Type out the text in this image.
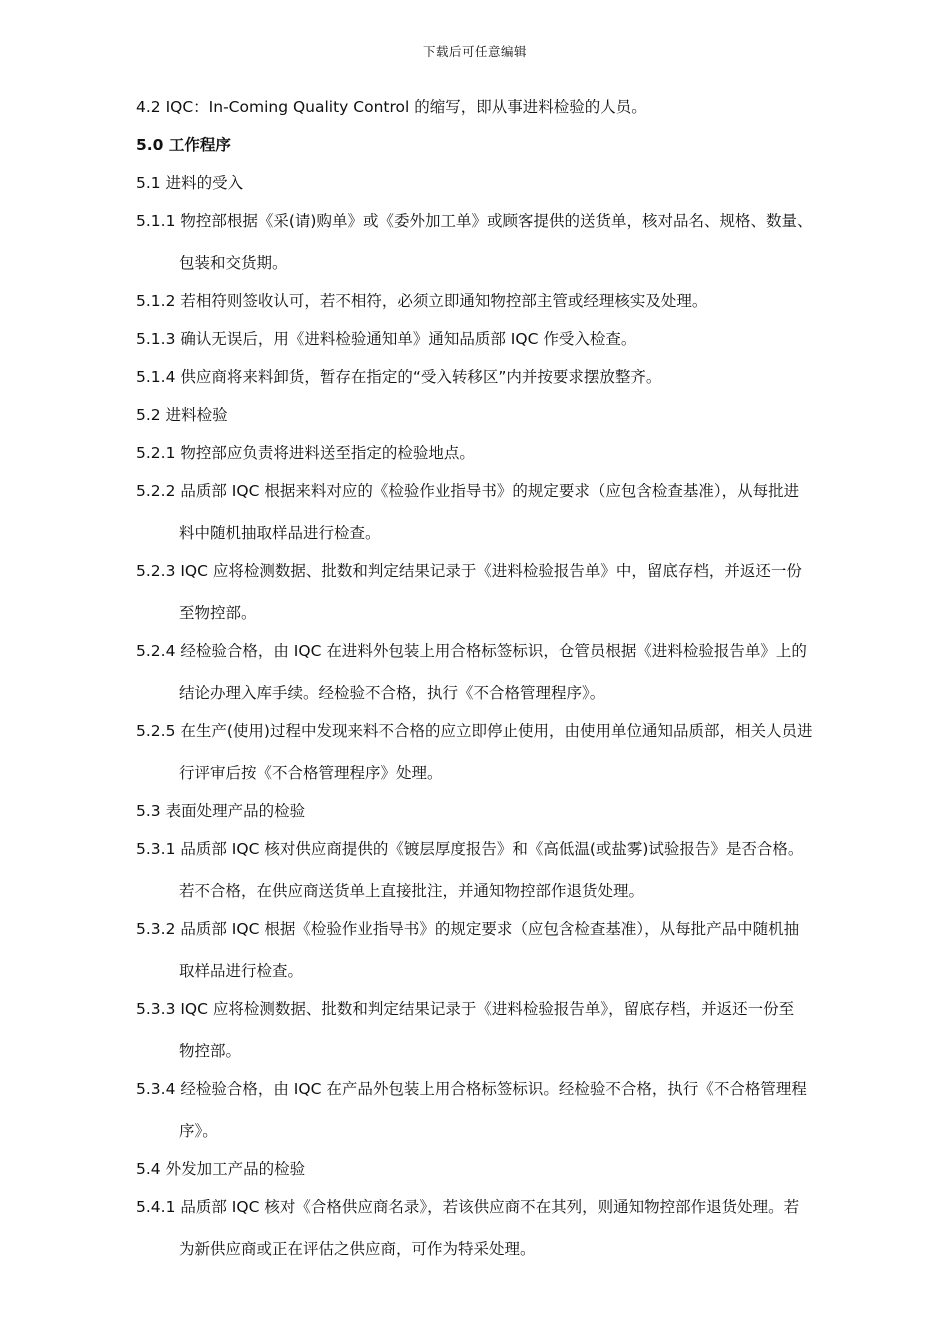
下载后可任意编辑
4.2 IQC：In-Coming Quality Control 的缩写，即从事进料检验的人员。
5.0 工作程序
5.1 进料的受入
5.1.1 物控部根据《采(请)购单》或《委外加工单》或顾客提供的送货单，核对品名、规格、数量、
包装和交货期。
5.1.2 若相符则签收认可，若不相符，必须立即通知物控部主管或经理核实及处理。
5.1.3 确认无误后，用《进料检验通知单》通知品质部 IQC 作受入检查。
5.1.4 供应商将来料卸货，暂存在指定的“受入转移区”内并按要求摆放整齐。
5.2 进料检验
5.2.1 物控部应负责将进料送至指定的检验地点。
5.2.2 品质部 IQC 根据来料对应的《检验作业指导书》的规定要求（应包含检查基准），从每批进
料中随机抽取样品进行检查。
5.2.3 IQC 应将检测数据、批数和判定结果记录于《进料检验报告单》中，留底存档，并返还一份
至物控部。
5.2.4 经检验合格，由 IQC 在进料外包装上用合格标签标识，仓管员根据《进料检验报告单》上的
结论办理入库手续。经检验不合格，执行《不合格管理程序》。
5.2.5 在生产(使用)过程中发现来料不合格的应立即停止使用，由使用单位通知品质部，相关人员进
行评审后按《不合格管理程序》处理。
5.3 表面处理产品的检验
5.3.1 品质部 IQC 核对供应商提供的《镀层厚度报告》和《高低温(或盐雾)试验报告》是否合格。
若不合格，在供应商送货单上直接批注，并通知物控部作退货处理。
5.3.2 品质部 IQC 根据《检验作业指导书》的规定要求（应包含检查基准），从每批产品中随机抽
取样品进行检查。
5.3.3 IQC 应将检测数据、批数和判定结果记录于《进料检验报告单》，留底存档，并返还一份至
物控部。
5.3.4 经检验合格，由 IQC 在产品外包装上用合格标签标识。经检验不合格，执行《不合格管理程
序》。
5.4 外发加工产品的检验
5.4.1 品质部 IQC 核对《合格供应商名录》，若该供应商不在其列，则通知物控部作退货处理。若
为新供应商或正在评估之供应商，可作为特采处理。
